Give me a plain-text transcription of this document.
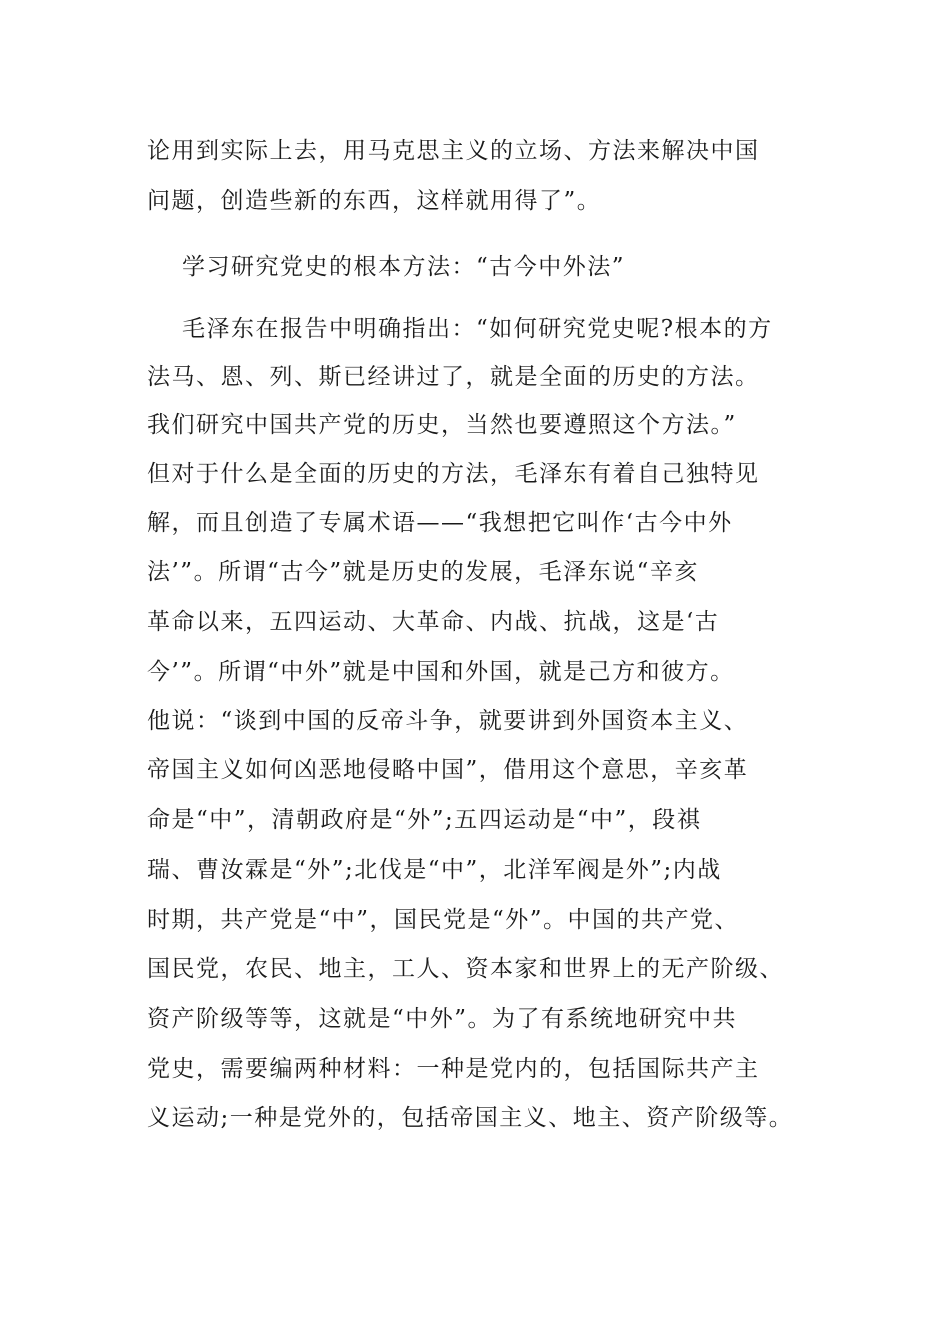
论用到实际上去，用马克思主义的立场、方法来解决中国
问题，创造些新的东西，这样就用得了”。
学习研究党史的根本方法：“古今中外法”
毛泽东在报告中明确指出：“如何研究党史呢?根本的方
法马、恩、列、斯已经讲过了，就是全面的历史的方法。
我们研究中国共产党的历史，当然也要遵照这个方法。”
但对于什么是全面的历史的方法，毛泽东有着自己独特见
解，而且创造了专属术语——“我想把它叫作‘古今中外
法’”。所谓“古今”就是历史的发展，毛泽东说“辛亥
革命以来，五四运动、大革命、内战、抗战，这是‘古
今’”。所谓“中外”就是中国和外国，就是己方和彼方。
他说：“谈到中国的反帝斗争，就要讲到外国资本主义、
帝国主义如何凶恶地侵略中国”，借用这个意思，辛亥革
命是“中”，清朝政府是“外”;五四运动是“中”，段祺
瑞、曹汝霖是“外”;北伐是“中”，北洋军阀是外”;内战
时期，共产党是“中”，国民党是“外”。中国的共产党、
国民党，农民、地主，工人、资本家和世界上的无产阶级、
资产阶级等等，这就是“中外”。为了有系统地研究中共
党史，需要编两种材料：一种是党内的，包括国际共产主
义运动;一种是党外的，包括帝国主义、地主、资产阶级等。
